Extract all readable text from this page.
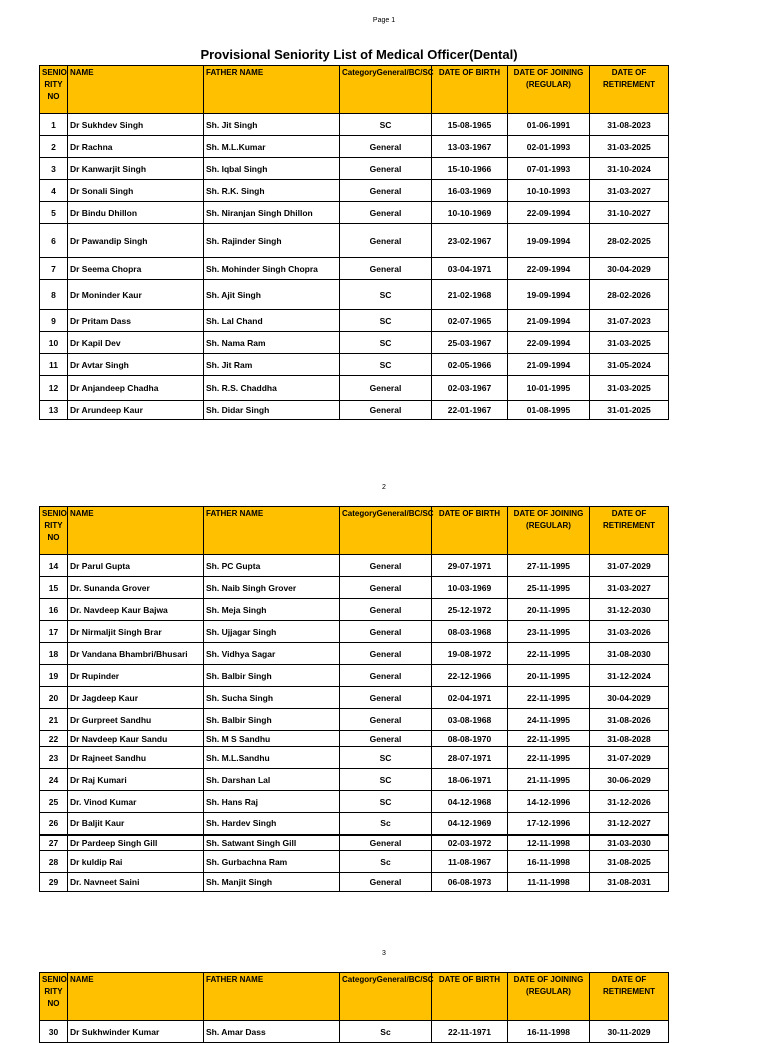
Page 1
Provisional Seniority List of Medical Officer(Dental)
SENIO RITY NO	NAME	FATHER NAME	CategoryGeneral/BC/SC	DATE OF BIRTH	DATE OF JOINING (REGULAR)	DATE OF RETIREMENT
1	Dr Sukhdev Singh	Sh. Jit Singh	SC	15-08-1965	01-06-1991	31-08-2023
2	Dr Rachna	Sh. M.L.Kumar	General	13-03-1967	02-01-1993	31-03-2025
3	Dr Kanwarjit Singh	Sh. Iqbal Singh	General	15-10-1966	07-01-1993	31-10-2024
4	Dr Sonali Singh	Sh. R.K. Singh	General	16-03-1969	10-10-1993	31-03-2027
5	Dr Bindu Dhillon	Sh. Niranjan Singh Dhillon	General	10-10-1969	22-09-1994	31-10-2027
6	Dr Pawandip Singh	Sh. Rajinder Singh	General	23-02-1967	19-09-1994	28-02-2025
7	Dr Seema Chopra	Sh. Mohinder Singh Chopra	General	03-04-1971	22-09-1994	30-04-2029
8	Dr Moninder Kaur	Sh. Ajit Singh	SC	21-02-1968	19-09-1994	28-02-2026
9	Dr Pritam Dass	Sh. Lal Chand	SC	02-07-1965	21-09-1994	31-07-2023
10	Dr Kapil Dev	Sh. Nama Ram	SC	25-03-1967	22-09-1994	31-03-2025
11	Dr Avtar Singh	Sh. Jit Ram	SC	02-05-1966	21-09-1994	31-05-2024
12	Dr Anjandeep Chadha	Sh. R.S. Chaddha	General	02-03-1967	10-01-1995	31-03-2025
13	Dr Arundeep Kaur	Sh. Didar Singh	General	22-01-1967	01-08-1995	31-01-2025
2
SENIO RITY NO	NAME	FATHER NAME	CategoryGeneral/BC/SC	DATE OF BIRTH	DATE OF JOINING (REGULAR)	DATE OF RETIREMENT
14	Dr Parul Gupta	Sh. PC Gupta	General	29-07-1971	27-11-1995	31-07-2029
15	Dr. Sunanda Grover	Sh. Naib Singh Grover	General	10-03-1969	25-11-1995	31-03-2027
16	Dr. Navdeep Kaur Bajwa	Sh. Meja Singh	General	25-12-1972	20-11-1995	31-12-2030
17	Dr Nirmaljit Singh Brar	Sh. Ujjagar Singh	General	08-03-1968	23-11-1995	31-03-2026
18	Dr Vandana Bhambri/Bhusari	Sh. Vidhya Sagar	General	19-08-1972	22-11-1995	31-08-2030
19	Dr Rupinder	Sh. Balbir Singh	General	22-12-1966	20-11-1995	31-12-2024
20	Dr Jagdeep Kaur	Sh. Sucha Singh	General	02-04-1971	22-11-1995	30-04-2029
21	Dr Gurpreet Sandhu	Sh. Balbir Singh	General	03-08-1968	24-11-1995	31-08-2026
22	Dr Navdeep Kaur Sandu	Sh. M S Sandhu	General	08-08-1970	22-11-1995	31-08-2028
23	Dr Rajneet Sandhu	Sh. M.L.Sandhu	SC	28-07-1971	22-11-1995	31-07-2029
24	Dr Raj Kumari	Sh. Darshan Lal	SC	18-06-1971	21-11-1995	30-06-2029
25	Dr. Vinod Kumar	Sh. Hans Raj	SC	04-12-1968	14-12-1996	31-12-2026
26	Dr Baljit Kaur	Sh. Hardev Singh	Sc	04-12-1969	17-12-1996	31-12-2027
27	Dr Pardeep Singh Gill	Sh. Satwant Singh Gill	General	02-03-1972	12-11-1998	31-03-2030
28	Dr kuldip Rai	Sh. Gurbachna Ram	Sc	11-08-1967	16-11-1998	31-08-2025
29	Dr. Navneet Saini	Sh. Manjit Singh	General	06-08-1973	11-11-1998	31-08-2031
3
SENIO RITY NO	NAME	FATHER NAME	CategoryGeneral/BC/SC	DATE OF BIRTH	DATE OF JOINING (REGULAR)	DATE OF RETIREMENT
30	Dr Sukhwinder Kumar	Sh. Amar Dass	Sc	22-11-1971	16-11-1998	30-11-2029
